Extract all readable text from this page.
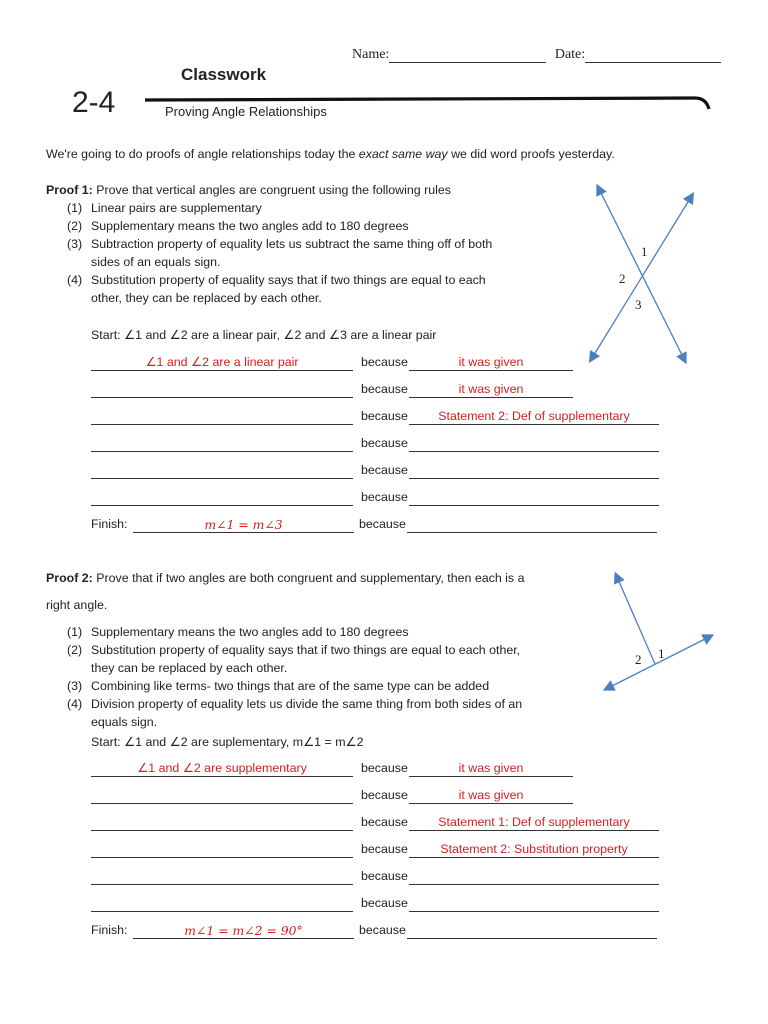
Name:	Date:
Classwork
2-4	Proving Angle Relationships
We're going to do proofs of angle relationships today the exact same way we did word proofs yesterday.
Proof 1: Prove that vertical angles are congruent using the following rules
(1) Linear pairs are supplementary
(2) Supplementary means the two angles add to 180 degrees
(3) Subtraction property of equality lets us subtract the same thing off of both
sides of an equals sign.
(4) Substitution property of equality says that if two things are equal to each
other, they can be replaced by each other.
Start: ∠1 and ∠2 are a linear pair, ∠2 and ∠3 are a linear pair
∠1 and ∠2 are a linear pair	because	it was given
because	it was given
because	Statement 2: Def of supplementary
because
because
because
Finish:	m∠1 = m∠3	because
1
2
3
Proof 2: Prove that if two angles are both congruent and supplementary, then each is a
right angle.
(1) Supplementary means the two angles add to 180 degrees
(2) Substitution property of equality says that if two things are equal to each other,
they can be replaced by each other.
(3) Combining like terms- two things that are of the same type can be added
(4) Division property of equality lets us divide the same thing from both sides of an
equals sign.
Start: ∠1 and ∠2 are suplementary, m∠1 = m∠2
∠1 and ∠2 are supplementary	because	it was given
because	it was given
because	Statement 1: Def of supplementary
because	Statement 2: Substitution property
because
because
Finish:	m∠1 = m∠2 = 90°	because
1
2
